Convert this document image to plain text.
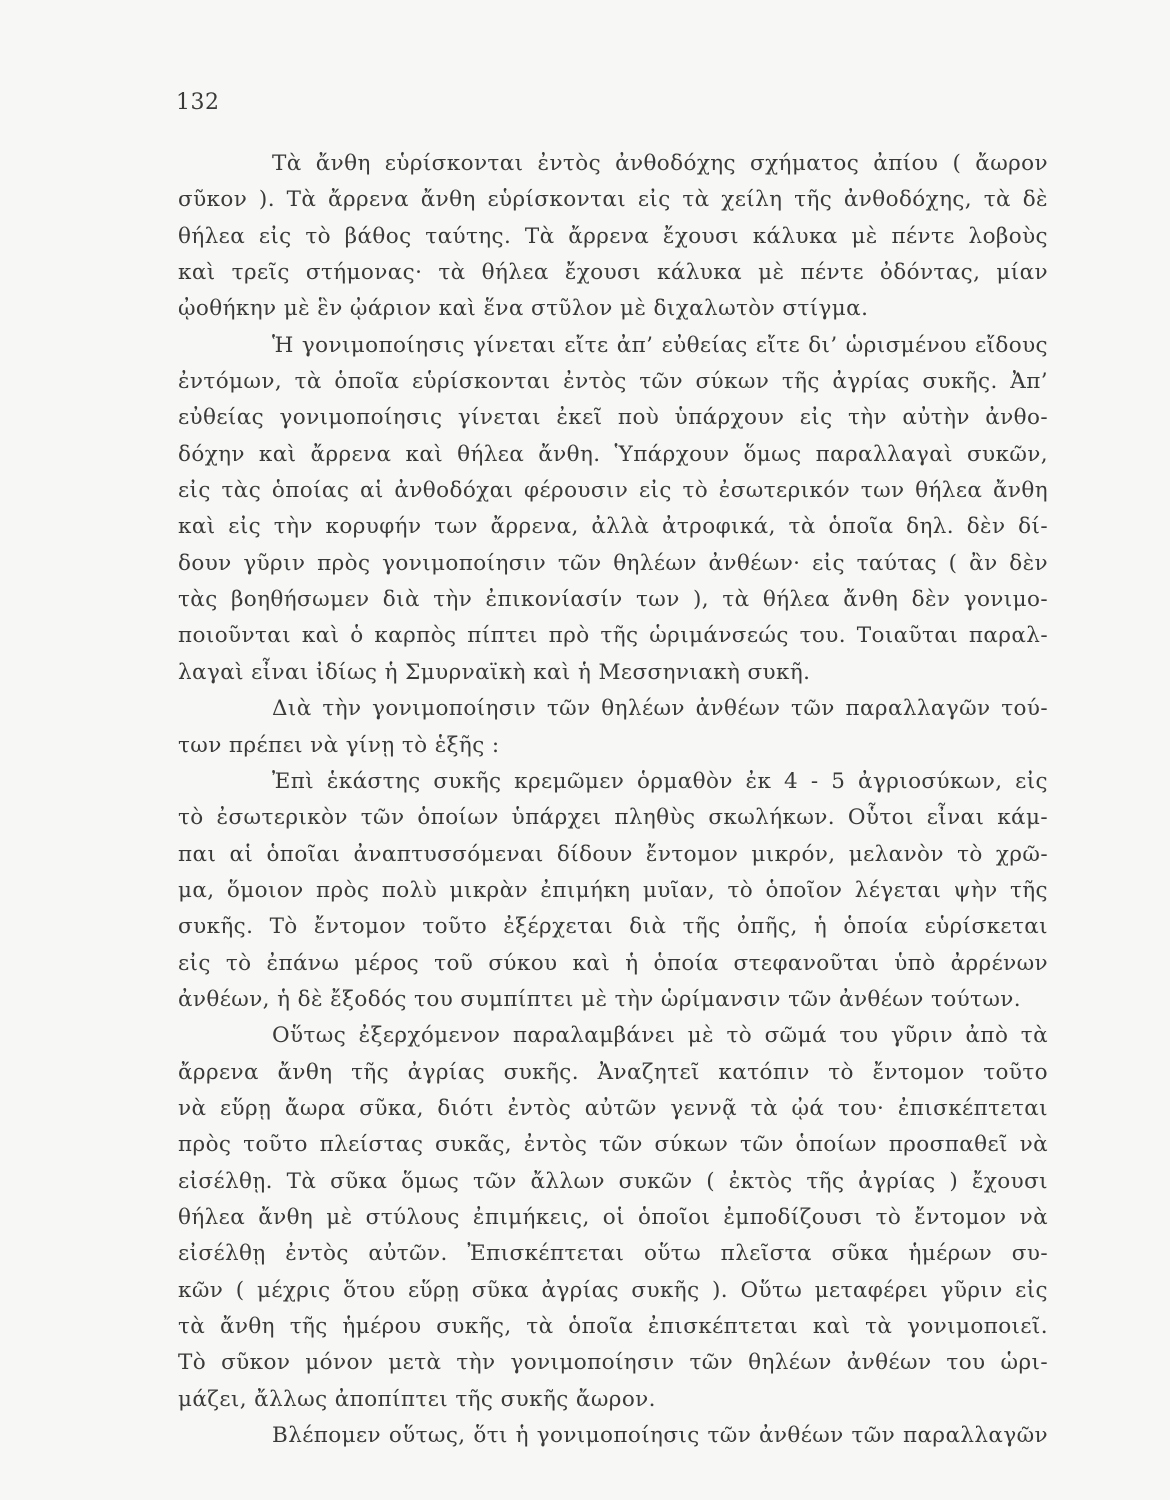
132
Τὰ ἄνθη εὑρίσκονται ἐντὸς ἀνθοδόχης σχήματος ἀπίου ( ἄωρον
σῦκον ). Τὰ ἄρρενα ἄνθη εὑρίσκονται εἰς τὰ χείλη τῆς ἀνθοδόχης, τὰ δὲ
θήλεα εἰς τὸ βάθος ταύτης. Τὰ ἄρρενα ἔχουσι κάλυκα μὲ πέντε λοβοὺς
καὶ τρεῖς στήμονας· τὰ θήλεα ἔχουσι κάλυκα μὲ πέντε ὀδόντας, μίαν
ᾠοθήκην μὲ ἓν ᾠάριον καὶ ἕνα στῦλον μὲ διχαλωτὸν στίγμα.
Ἡ γονιμοποίησις γίνεται εἴτε ἀπ’ εὐθείας εἴτε δι’ ὡρισμένου εἴδους
ἐντόμων, τὰ ὁποῖα εὑρίσκονται ἐντὸς τῶν σύκων τῆς ἀγρίας συκῆς. Ἀπ’
εὐθείας γονιμοποίησις γίνεται ἐκεῖ ποὺ ὑπάρχουν εἰς τὴν αὐτὴν ἀνθο-
δόχην καὶ ἄρρενα καὶ θήλεα ἄνθη. Ὑπάρχουν ὅμως παραλλαγαὶ συκῶν,
εἰς τὰς ὁποίας αἱ ἀνθοδόχαι φέρουσιν εἰς τὸ ἐσωτερικόν των θήλεα ἄνθη
καὶ εἰς τὴν κορυφήν των ἄρρενα, ἀλλὰ ἀτροφικά, τὰ ὁποῖα δηλ. δὲν δί-
δουν γῦριν πρὸς γονιμοποίησιν τῶν θηλέων ἀνθέων· εἰς ταύτας ( ἂν δὲν
τὰς βοηθήσωμεν διὰ τὴν ἐπικονίασίν των ), τὰ θήλεα ἄνθη δὲν γονιμο-
ποιοῦνται καὶ ὁ καρπὸς πίπτει πρὸ τῆς ὡριμάνσεώς του. Τοιαῦται παραλ-
λαγαὶ εἶναι ἰδίως ἡ Σμυρναϊκὴ καὶ ἡ Μεσσηνιακὴ συκῆ.
Διὰ τὴν γονιμοποίησιν τῶν θηλέων ἀνθέων τῶν παραλλαγῶν τού-
των πρέπει νὰ γίνῃ τὸ ἑξῆς :
Ἐπὶ ἑκάστης συκῆς κρεμῶμεν ὁρμαθὸν ἐκ 4 - 5 ἀγριοσύκων, εἰς
τὸ ἐσωτερικὸν τῶν ὁποίων ὑπάρχει πληθὺς σκωλήκων. Οὗτοι εἶναι κάμ-
παι αἱ ὁποῖαι ἀναπτυσσόμεναι δίδουν ἔντομον μικρόν, μελανὸν τὸ χρῶ-
μα, ὅμοιον πρὸς πολὺ μικρὰν ἐπιμήκη μυῖαν, τὸ ὁποῖον λέγεται ψὴν τῆς
συκῆς. Τὸ ἔντομον τοῦτο ἐξέρχεται διὰ τῆς ὀπῆς, ἡ ὁποία εὑρίσκεται
εἰς τὸ ἐπάνω μέρος τοῦ σύκου καὶ ἡ ὁποία στεφανοῦται ὑπὸ ἀρρένων
ἀνθέων, ἡ δὲ ἔξοδός του συμπίπτει μὲ τὴν ὡρίμανσιν τῶν ἀνθέων τούτων.
Οὕτως ἐξερχόμενον παραλαμβάνει μὲ τὸ σῶμά του γῦριν ἀπὸ τὰ
ἄρρενα ἄνθη τῆς ἀγρίας συκῆς. Ἀναζητεῖ κατόπιν τὸ ἔντομον τοῦτο
νὰ εὕρῃ ἄωρα σῦκα, διότι ἐντὸς αὐτῶν γεννᾷ τὰ ᾠά του· ἐπισκέπτεται
πρὸς τοῦτο πλείστας συκᾶς, ἐντὸς τῶν σύκων τῶν ὁποίων προσπαθεῖ νὰ
εἰσέλθῃ. Τὰ σῦκα ὅμως τῶν ἄλλων συκῶν ( ἐκτὸς τῆς ἀγρίας ) ἔχουσι
θήλεα ἄνθη μὲ στύλους ἐπιμήκεις, οἱ ὁποῖοι ἐμποδίζουσι τὸ ἔντομον νὰ
εἰσέλθῃ ἐντὸς αὐτῶν. Ἐπισκέπτεται οὕτω πλεῖστα σῦκα ἡμέρων συ-
κῶν ( μέχρις ὅτου εὕρῃ σῦκα ἀγρίας συκῆς ). Οὕτω μεταφέρει γῦριν εἰς
τὰ ἄνθη τῆς ἡμέρου συκῆς, τὰ ὁποῖα ἐπισκέπτεται καὶ τὰ γονιμοποιεῖ.
Τὸ σῦκον μόνον μετὰ τὴν γονιμοποίησιν τῶν θηλέων ἀνθέων του ὡρι-
μάζει, ἄλλως ἀποπίπτει τῆς συκῆς ἄωρον.
Βλέπομεν οὕτως, ὅτι ἡ γονιμοποίησις τῶν ἀνθέων τῶν παραλλαγῶν
